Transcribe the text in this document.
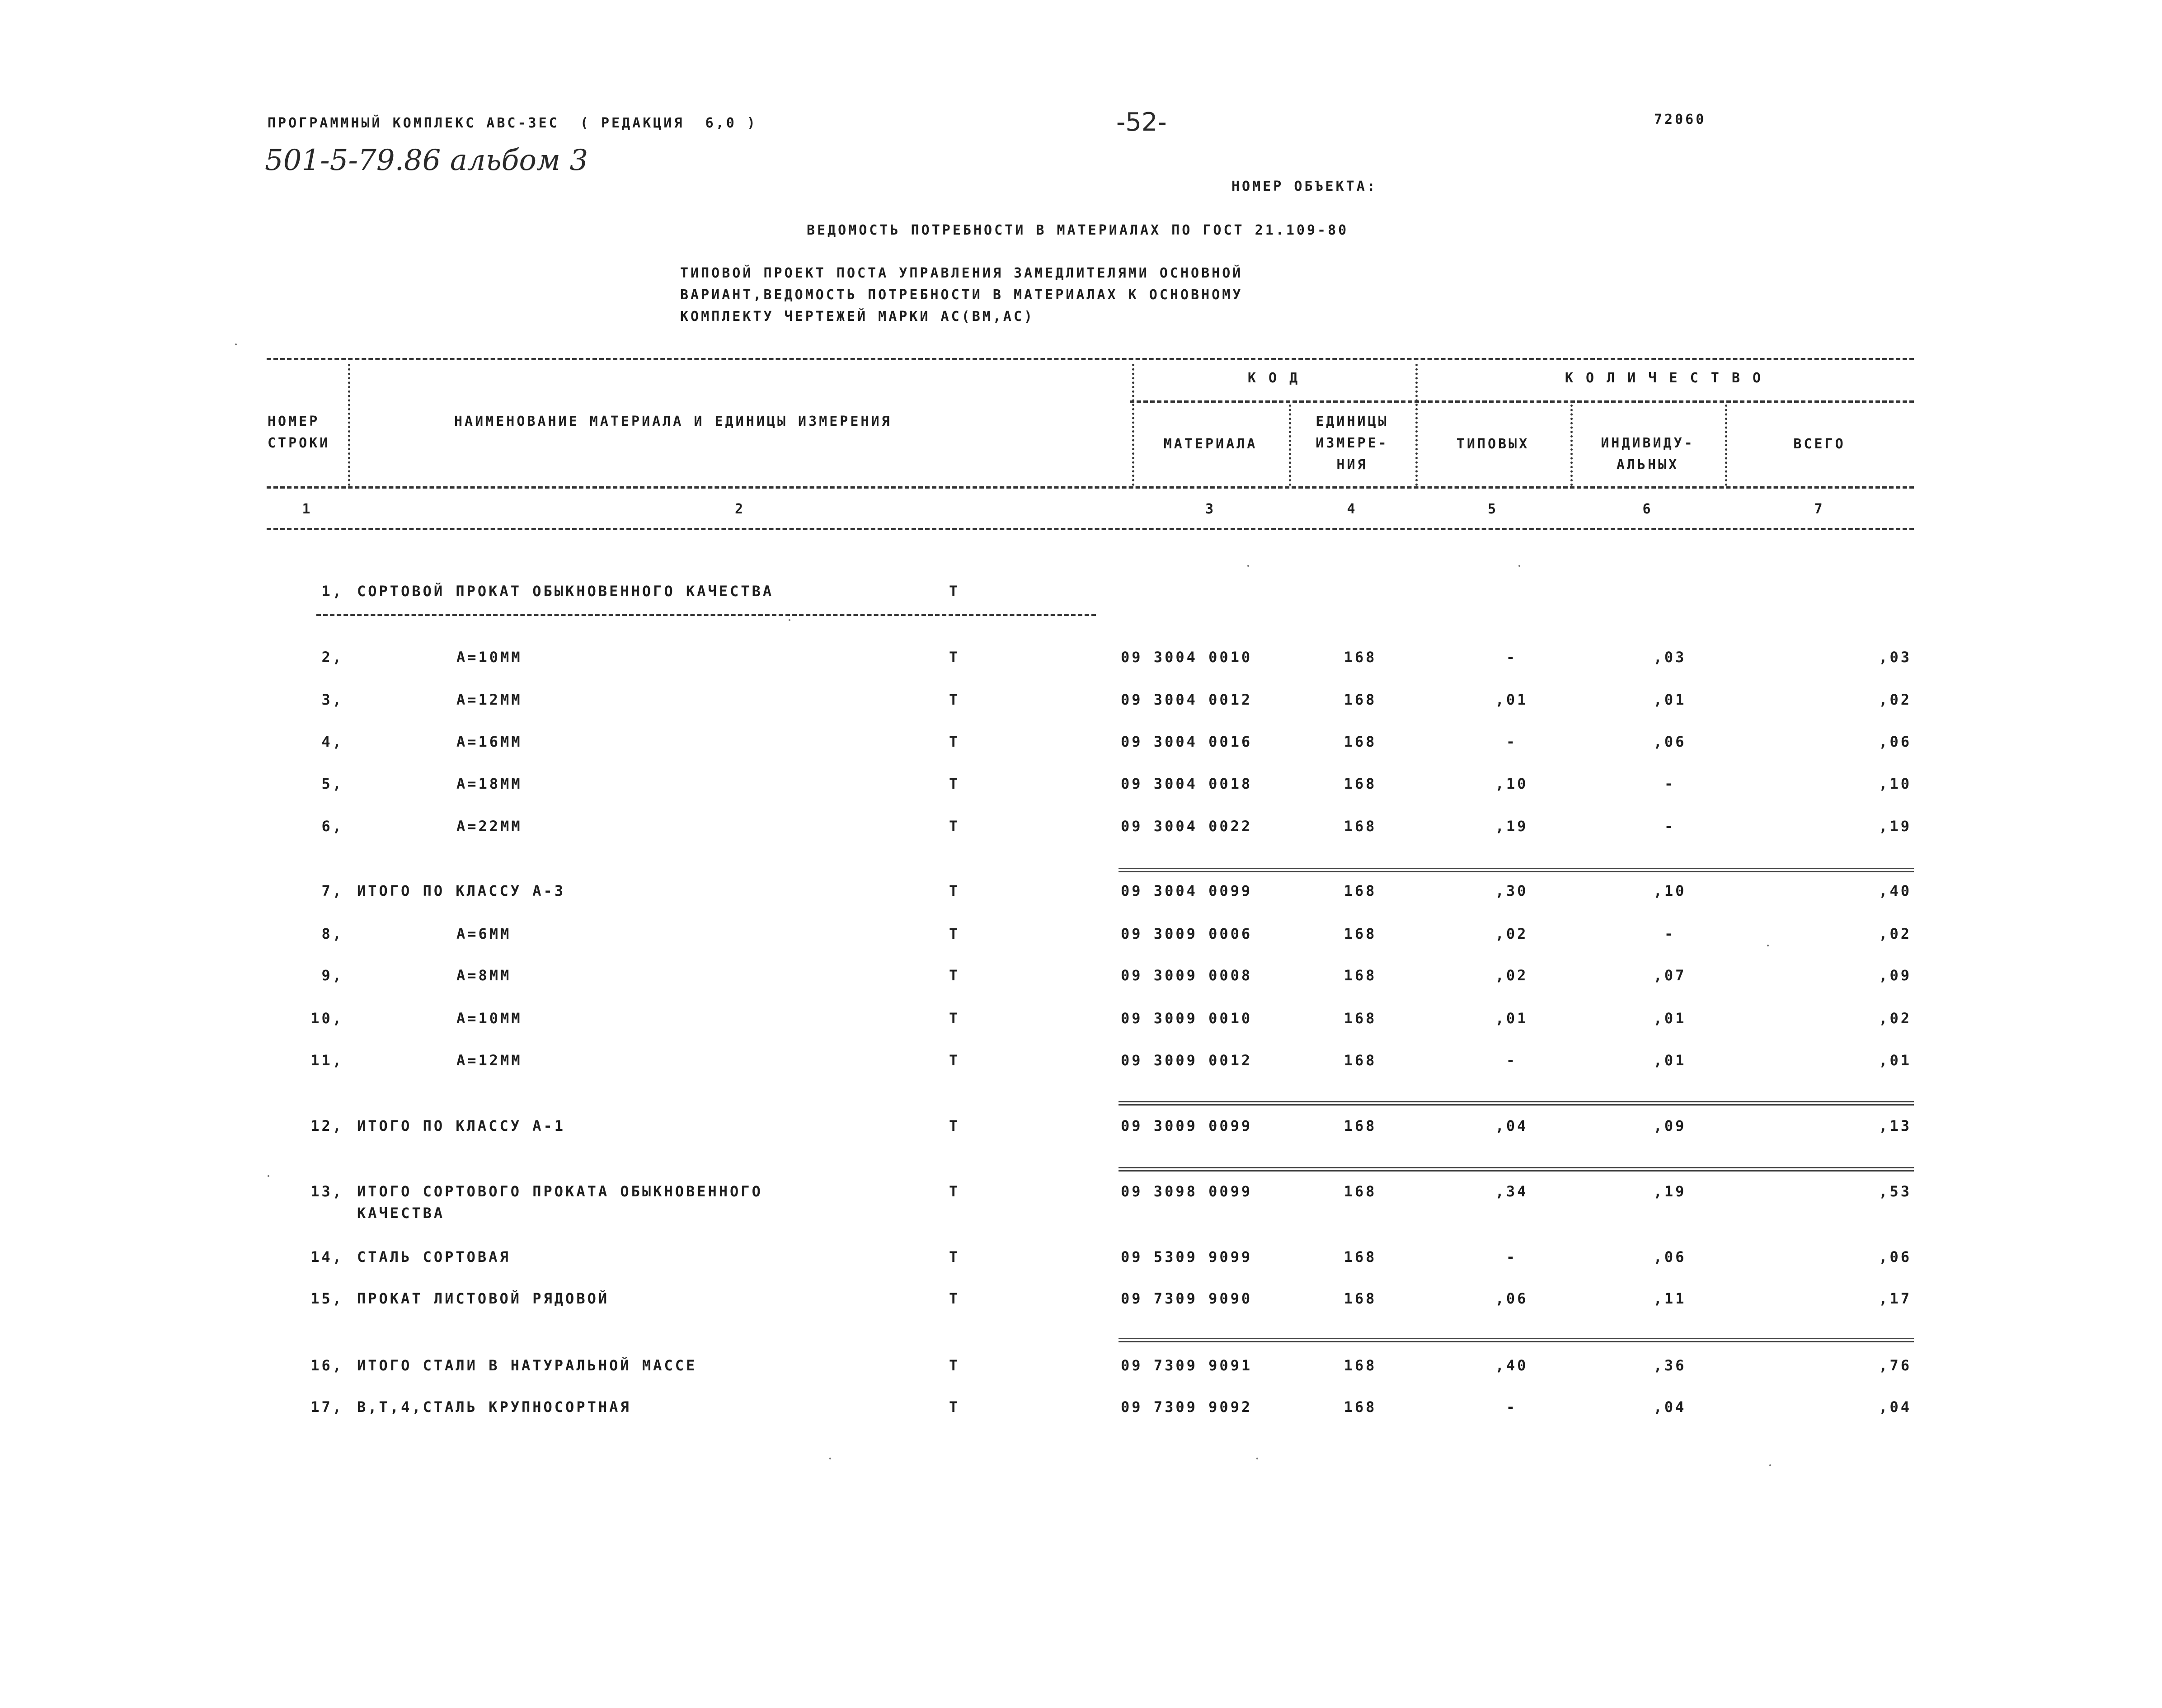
ПРОГРАММНЫЙ КОМПЛЕКС АВС-ЗЕС  ( РЕДАКЦИЯ  6,0 )	-52-	72060
501-5-79.86 альбом 3
НОМЕР ОБЪЕКТА:
ВЕДОМОСТЬ ПОТРЕБНОСТИ В МАТЕРИАЛАХ ПО ГОСТ 21.109-80
ТИПОВОЙ ПРОЕКТ ПОСТА УПРАВЛЕНИЯ ЗАМЕДЛИТЕЛЯМИ ОСНОВНОЙ
ВАРИАНТ,ВЕДОМОСТЬ ПОТРЕБНОСТИ В МАТЕРИАЛАХ К ОСНОВНОМУ
КОМПЛЕКТУ ЧЕРТЕЖЕЙ МАРКИ АС(ВМ,АС)
НОМЕР
СТРОКИ
НАИМЕНОВАНИЕ МАТЕРИАЛА И ЕДИНИЦЫ ИЗМЕРЕНИЯ
К О Д	К О Л И Ч Е С Т В О
МАТЕРИАЛА
ЕДИНИЦЫ
ИЗМЕРЕ-
НИЯ
ТИПОВЫХ	ИНДИВИДУ-
АЛЬНЫХ
ВСЕГО
1	2	3	4	5	6	7
1, СОРТОВОЙ ПРОКАТ ОБЫКНОВЕННОГО КАЧЕСТВА	Т
2,	А=10ММ	Т	09 3004 0010	168	-	,03	,03
3,	А=12ММ	Т	09 3004 0012	168	,01	,01	,02
4,	А=16ММ	Т	09 3004 0016	168	-	,06	,06
5,	А=18ММ	Т	09 3004 0018	168	,10	-	,10
6,	А=22ММ	Т	09 3004 0022	168	,19	-	,19
7, ИТОГО ПО КЛАССУ А-3	Т	09 3004 0099	168	,30	,10	,40
8,	А=6ММ	Т	09 3009 0006	168	,02	-	,02
9,	А=8ММ	Т	09 3009 0008	168	,02	,07	,09
10,	А=10ММ	Т	09 3009 0010	168	,01	,01	,02
11,	А=12ММ	Т	09 3009 0012	168	-	,01	,01
12, ИТОГО ПО КЛАССУ А-1	Т	09 3009 0099	168	,04	,09	,13
13, ИТОГО СОРТОВОГО ПРОКАТА ОБЫКНОВЕННОГО
КАЧЕСТВА
Т	09 3098 0099	168	,34	,19	,53
14, СТАЛЬ СОРТОВАЯ	Т	09 5309 9099	168	-	,06	,06
15, ПРОКАТ ЛИСТОВОЙ РЯДОВОЙ	Т	09 7309 9090	168	,06	,11	,17
16, ИТОГО СТАЛИ В НАТУРАЛЬНОЙ МАССЕ	Т	09 7309 9091	168	,40	,36	,76
17, В,Т,4,СТАЛЬ КРУПНОСОРТНАЯ	Т	09 7309 9092	168	-	,04	,04
